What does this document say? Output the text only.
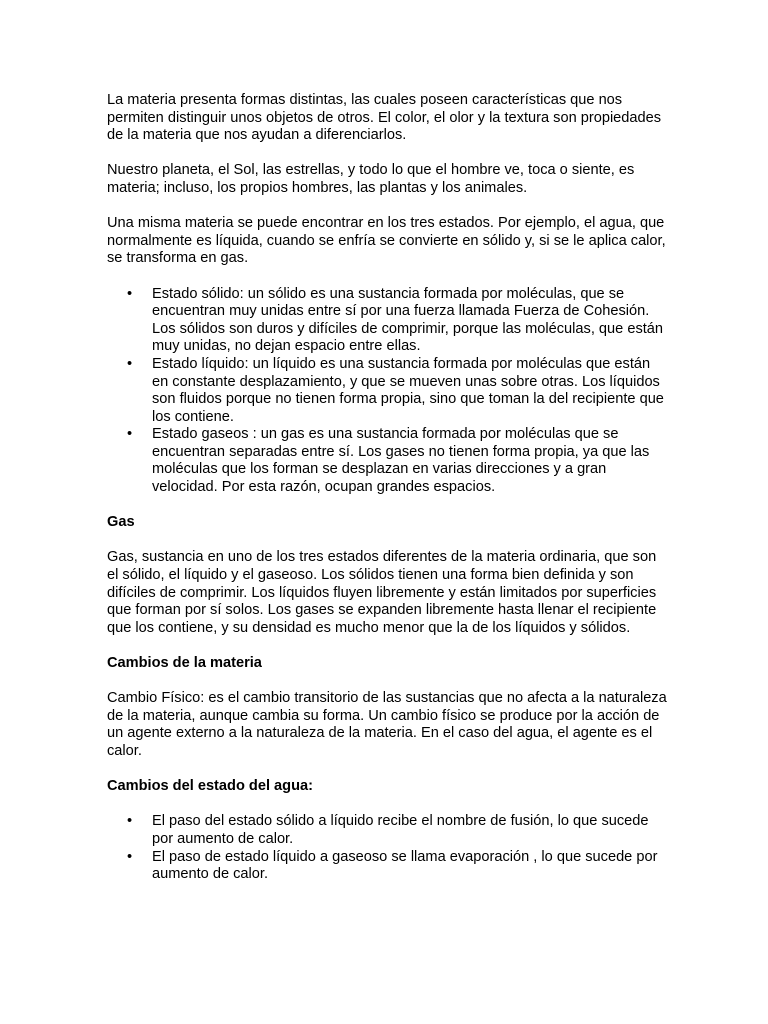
La materia presenta formas distintas, las cuales poseen características que nos permiten distinguir unos objetos de otros. El color, el olor y la textura son propiedades de la materia que nos ayudan a diferenciarlos.

Nuestro planeta, el Sol, las estrellas, y todo lo que el hombre ve, toca o siente, es materia; incluso, los propios hombres, las plantas y los animales.

Una misma materia se puede encontrar en los tres estados. Por ejemplo, el agua, que normalmente es líquida, cuando se enfría se convierte en sólido y, si se le aplica calor, se transforma en gas.

• Estado sólido: un sólido es una sustancia formada por moléculas, que se encuentran muy unidas entre sí por una fuerza llamada Fuerza de Cohesión. Los sólidos son duros y difíciles de comprimir, porque las moléculas, que están muy unidas, no dejan espacio entre ellas.
• Estado líquido: un líquido es una sustancia formada por moléculas que están en constante desplazamiento, y que se mueven unas sobre otras. Los líquidos son fluidos porque no tienen forma propia, sino que toman la del recipiente que los contiene.
• Estado gaseos : un gas es una sustancia formada por moléculas que se encuentran separadas entre sí. Los gases no tienen forma propia, ya que las moléculas que los forman se desplazan en varias direcciones y a gran velocidad. Por esta razón, ocupan grandes espacios.
Gas

Gas, sustancia en uno de los tres estados diferentes de la materia ordinaria, que son el sólido, el líquido y el gaseoso. Los sólidos tienen una forma bien definida y son difíciles de comprimir. Los líquidos fluyen libremente y están limitados por superficies que forman por sí solos. Los gases se expanden libremente hasta llenar el recipiente que los contiene, y su densidad es mucho menor que la de los líquidos y sólidos.

Cambios de la materia

Cambio Físico: es el cambio transitorio de las sustancias que no afecta a la naturaleza de la materia, aunque cambia su forma. Un cambio físico se produce por la acción de un agente externo a la naturaleza de la materia. En el caso del agua, el agente es el calor.

Cambios del estado del agua:
• El paso del estado sólido a líquido recibe el nombre de fusión, lo que sucede por aumento de calor.
• El paso de estado líquido a gaseoso se llama evaporación , lo que sucede por aumento de calor.
